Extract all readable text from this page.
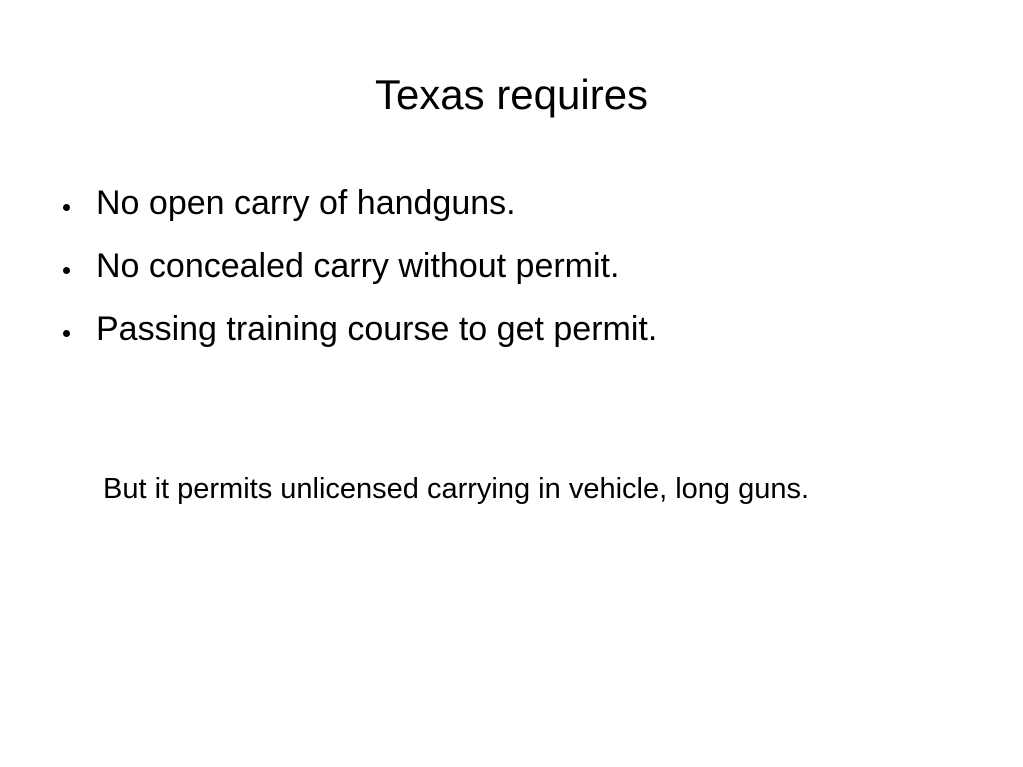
Texas requires
No open carry of handguns.
No concealed carry without permit.
Passing training course to get permit.

But it permits unlicensed carrying in vehicle, long guns.
